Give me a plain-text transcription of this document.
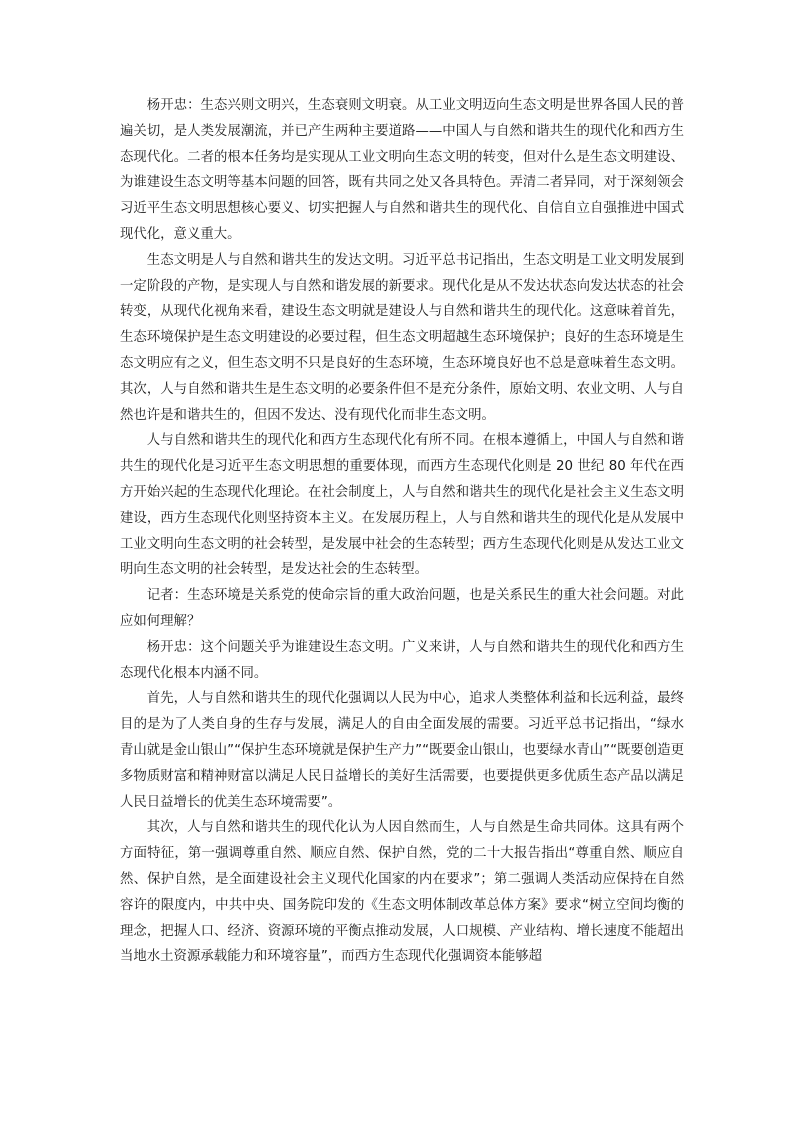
杨开忠：生态兴则文明兴，生态衰则文明衰。从工业文明迈向生态文明是世界各国人民的普遍关切，是人类发展潮流，并已产生两种主要道路——中国人与自然和谐共生的现代化和西方生态现代化。二者的根本任务均是实现从工业文明向生态文明的转变，但对什么是生态文明建设、为谁建设生态文明等基本问题的回答，既有共同之处又各具特色。弄清二者异同，对于深刻领会习近平生态文明思想核心要义、切实把握人与自然和谐共生的现代化、自信自立自强推进中国式现代化，意义重大。

生态文明是人与自然和谐共生的发达文明。习近平总书记指出，生态文明是工业文明发展到一定阶段的产物，是实现人与自然和谐发展的新要求。现代化是从不发达状态向发达状态的社会转变，从现代化视角来看，建设生态文明就是建设人与自然和谐共生的现代化。这意味着首先，生态环境保护是生态文明建设的必要过程，但生态文明超越生态环境保护；良好的生态环境是生态文明应有之义，但生态文明不只是良好的生态环境，生态环境良好也不总是意味着生态文明。其次，人与自然和谐共生是生态文明的必要条件但不是充分条件，原始文明、农业文明、人与自然也许是和谐共生的，但因不发达、没有现代化而非生态文明。

人与自然和谐共生的现代化和西方生态现代化有所不同。在根本遵循上，中国人与自然和谐共生的现代化是习近平生态文明思想的重要体现，而西方生态现代化则是 20 世纪 80 年代在西方开始兴起的生态现代化理论。在社会制度上，人与自然和谐共生的现代化是社会主义生态文明建设，西方生态现代化则坚持资本主义。在发展历程上，人与自然和谐共生的现代化是从发展中工业文明向生态文明的社会转型，是发展中社会的生态转型；西方生态现代化则是从发达工业文明向生态文明的社会转型，是发达社会的生态转型。

记者：生态环境是关系党的使命宗旨的重大政治问题，也是关系民生的重大社会问题。对此应如何理解？

杨开忠：这个问题关乎为谁建设生态文明。广义来讲，人与自然和谐共生的现代化和西方生态现代化根本内涵不同。

首先，人与自然和谐共生的现代化强调以人民为中心，追求人类整体利益和长远利益，最终目的是为了人类自身的生存与发展，满足人的自由全面发展的需要。习近平总书记指出，“绿水青山就是金山银山”“保护生态环境就是保护生产力”“既要金山银山，也要绿水青山”“既要创造更多物质财富和精神财富以满足人民日益增长的美好生活需要，也要提供更多优质生态产品以满足人民日益增长的优美生态环境需要”。

其次，人与自然和谐共生的现代化认为人因自然而生，人与自然是生命共同体。这具有两个方面特征，第一强调尊重自然、顺应自然、保护自然，党的二十大报告指出“尊重自然、顺应自然、保护自然，是全面建设社会主义现代化国家的内在要求”；第二强调人类活动应保持在自然容许的限度内，中共中央、国务院印发的《生态文明体制改革总体方案》要求“树立空间均衡的理念，把握人口、经济、资源环境的平衡点推动发展，人口规模、产业结构、增长速度不能超出当地水土资源承载能力和环境容量”，而西方生态现代化强调资本能够超
